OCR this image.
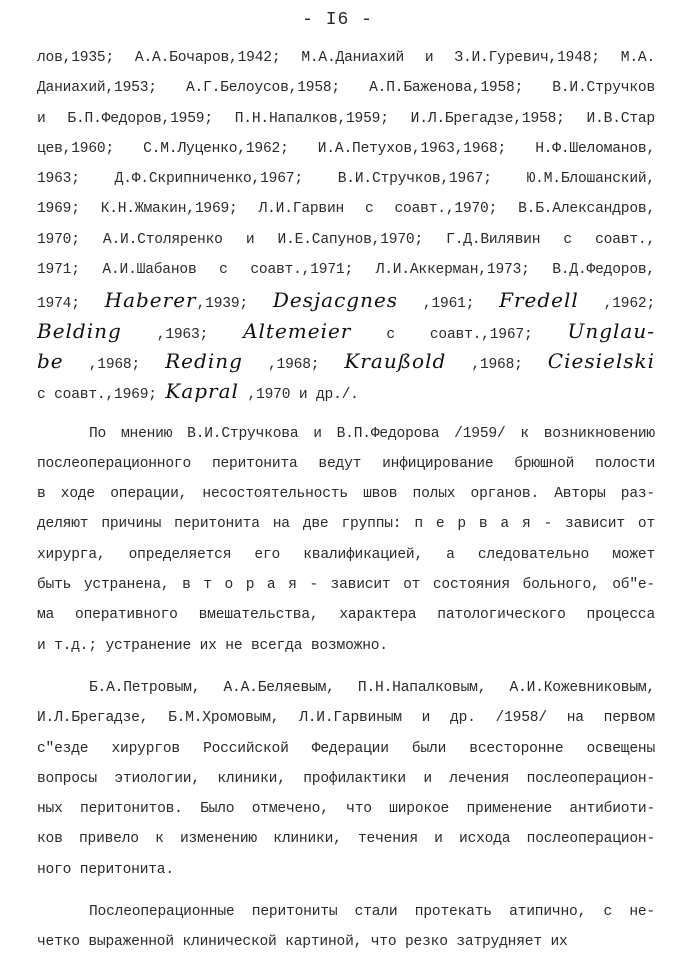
- I6 -
лов,1935; А.А.Бочаров,1942; М.А.Даниахий и З.И.Гуревич,1948; М.А.
Даниахий,1953; А.Г.Белоусов,1958; А.П.Баженова,1958; В.И.Стручков
и Б.П.Федоров,1959; П.Н.Напалков,1959; И.Л.Брегадзе,1958; И.В.Стар
цев,1960; С.М.Луценко,1962; И.А.Петухов,1963,1968; Н.Ф.Шеломанов,
1963; Д.Ф.Скрипниченко,1967; В.И.Стручков,1967; Ю.М.Блошанский,
1969; К.Н.Жмакин,1969; Л.И.Гарвин с соавт.,1970; В.Б.Александров,
1970; А.И.Столяренко и И.Е.Сапунов,1970; Г.Д.Вилявин с соавт.,
1971; А.И.Шабанов с соавт.,1971; Л.И.Аккерман,1973; В.Д.Федоров,
1974; Haberer,1939; Desjacgnes ,1961; Fredell ,1962;
Belding ,1963; Altemeier с соавт.,1967; Unglau-
be ,1968; Reding ,1968; Kraußold ,1968; Ciesielski
с соавт.,1969; Kapral ,1970 и др./.
По мнению В.И.Стручкова и В.П.Федорова /1959/ к возникновению
послеоперационного перитонита ведут инфицирование брюшной полости
в ходе операции, несостоятельность швов полых органов. Авторы раз-
деляют причины перитонита на две группы: п е р в а я - зависит от
хирурга, определяется его квалификацией, а следовательно может
быть устранена, в т о р а я - зависит от состояния больного, об"е-
ма оперативного вмешательства, характера патологического процесса
и т.д.; устранение их не всегда возможно.
Б.А.Петровым, А.А.Беляевым, П.Н.Напалковым, А.И.Кожевниковым,
И.Л.Брегадзе, Б.М.Хромовым, Л.И.Гарвиным и др. /1958/ на первом
с"езде хирургов Российской Федерации были всесторонне освещены
вопросы этиологии, клиники, профилактики и лечения послеоперацион-
ных перитонитов. Было отмечено, что широкое применение антибиоти-
ков привело к изменению клиники, течения и исхода послеоперацион-
ного перитонита.
Послеоперационные перитониты стали протекать атипично, с не-
четко выраженной клинической картиной, что резко затрудняет их
